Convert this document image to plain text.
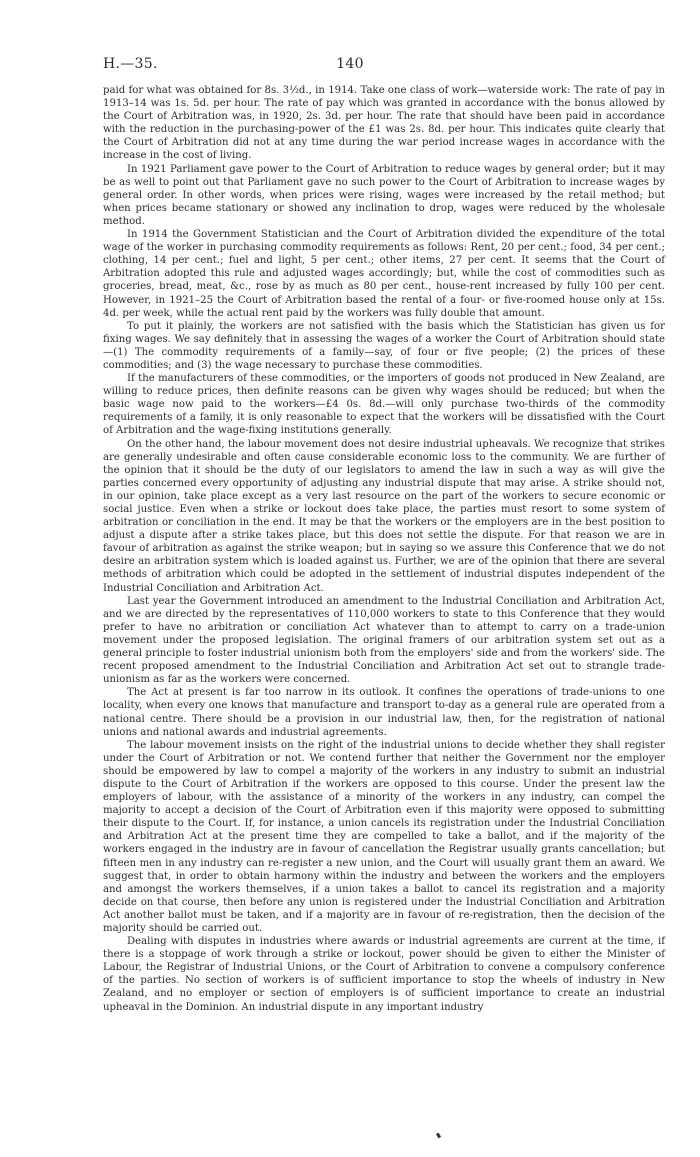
H.—35.	140

paid for what was obtained for 8s. 3½d., in 1914. Take one class of work—waterside work: The rate of pay in 1913–14 was 1s. 5d. per hour. The rate of pay which was granted in accordance with the bonus allowed by the Court of Arbitration was, in 1920, 2s. 3d. per hour. The rate that should have been paid in accordance with the reduction in the purchasing-power of the £1 was 2s. 8d. per hour. This indicates quite clearly that the Court of Arbitration did not at any time during the war period increase wages in accordance with the increase in the cost of living.

In 1921 Parliament gave power to the Court of Arbitration to reduce wages by general order; but it may be as well to point out that Parliament gave no such power to the Court of Arbitration to increase wages by general order. In other words, when prices were rising, wages were increased by the retail method; but when prices became stationary or showed any inclination to drop, wages were reduced by the wholesale method.

In 1914 the Government Statistician and the Court of Arbitration divided the expenditure of the total wage of the worker in purchasing commodity requirements as follows: Rent, 20 per cent.; food, 34 per cent.; clothing, 14 per cent.; fuel and light, 5 per cent.; other items, 27 per cent. It seems that the Court of Arbitration adopted this rule and adjusted wages accordingly; but, while the cost of commodities such as groceries, bread, meat, &c., rose by as much as 80 per cent., house-rent increased by fully 100 per cent. However, in 1921–25 the Court of Arbitration based the rental of a four- or five-roomed house only at 15s. 4d. per week, while the actual rent paid by the workers was fully double that amount.

To put it plainly, the workers are not satisfied with the basis which the Statistician has given us for fixing wages. We say definitely that in assessing the wages of a worker the Court of Arbitration should state—(1) The commodity requirements of a family—say, of four or five people; (2) the prices of these commodities; and (3) the wage necessary to purchase these commodities.

If the manufacturers of these commodities, or the importers of goods not produced in New Zealand, are willing to reduce prices, then definite reasons can be given why wages should be reduced; but when the basic wage now paid to the workers—£4 0s. 8d.—will only purchase two-thirds of the commodity requirements of a family, it is only reasonable to expect that the workers will be dissatisfied with the Court of Arbitration and the wage-fixing institutions generally.

On the other hand, the labour movement does not desire industrial upheavals. We recognize that strikes are generally undesirable and often cause considerable economic loss to the community. We are further of the opinion that it should be the duty of our legislators to amend the law in such a way as will give the parties concerned every opportunity of adjusting any industrial dispute that may arise. A strike should not, in our opinion, take place except as a very last resource on the part of the workers to secure economic or social justice. Even when a strike or lockout does take place, the parties must resort to some system of arbitration or conciliation in the end. It may be that the workers or the employers are in the best position to adjust a dispute after a strike takes place, but this does not settle the dispute. For that reason we are in favour of arbitration as against the strike weapon; but in saying so we assure this Conference that we do not desire an arbitration system which is loaded against us. Further, we are of the opinion that there are several methods of arbitration which could be adopted in the settlement of industrial disputes independent of the Industrial Conciliation and Arbitration Act.

Last year the Government introduced an amendment to the Industrial Conciliation and Arbitration Act, and we are directed by the representatives of 110,000 workers to state to this Conference that they would prefer to have no arbitration or conciliation Act whatever than to attempt to carry on a trade-union movement under the proposed legislation. The original framers of our arbitration system set out as a general principle to foster industrial unionism both from the employers' side and from the workers' side. The recent proposed amendment to the Industrial Conciliation and Arbitration Act set out to strangle trade-unionism as far as the workers were concerned.

The Act at present is far too narrow in its outlook. It confines the operations of trade-unions to one locality, when every one knows that manufacture and transport to-day as a general rule are operated from a national centre. There should be a provision in our industrial law, then, for the registration of national unions and national awards and industrial agreements.

The labour movement insists on the right of the industrial unions to decide whether they shall register under the Court of Arbitration or not. We contend further that neither the Government nor the employer should be empowered by law to compel a majority of the workers in any industry to submit an industrial dispute to the Court of Arbitration if the workers are opposed to this course. Under the present law the employers of labour, with the assistance of a minority of the workers in any industry, can compel the majority to accept a decision of the Court of Arbitration even if this majority were opposed to submitting their dispute to the Court. If, for instance, a union cancels its registration under the Industrial Conciliation and Arbitration Act at the present time they are compelled to take a ballot, and if the majority of the workers engaged in the industry are in favour of cancellation the Registrar usually grants cancellation; but fifteen men in any industry can re-register a new union, and the Court will usually grant them an award. We suggest that, in order to obtain harmony within the industry and between the workers and the employers and amongst the workers themselves, if a union takes a ballot to cancel its registration and a majority decide on that course, then before any union is registered under the Industrial Conciliation and Arbitration Act another ballot must be taken, and if a majority are in favour of re-registration, then the decision of the majority should be carried out.

Dealing with disputes in industries where awards or industrial agreements are current at the time, if there is a stoppage of work through a strike or lockout, power should be given to either the Minister of Labour, the Registrar of Industrial Unions, or the Court of Arbitration to convene a compulsory conference of the parties. No section of workers is of sufficient importance to stop the wheels of industry in New Zealand, and no employer or section of employers is of sufficient importance to create an industrial upheaval in the Dominion. An industrial dispute in any important industry
